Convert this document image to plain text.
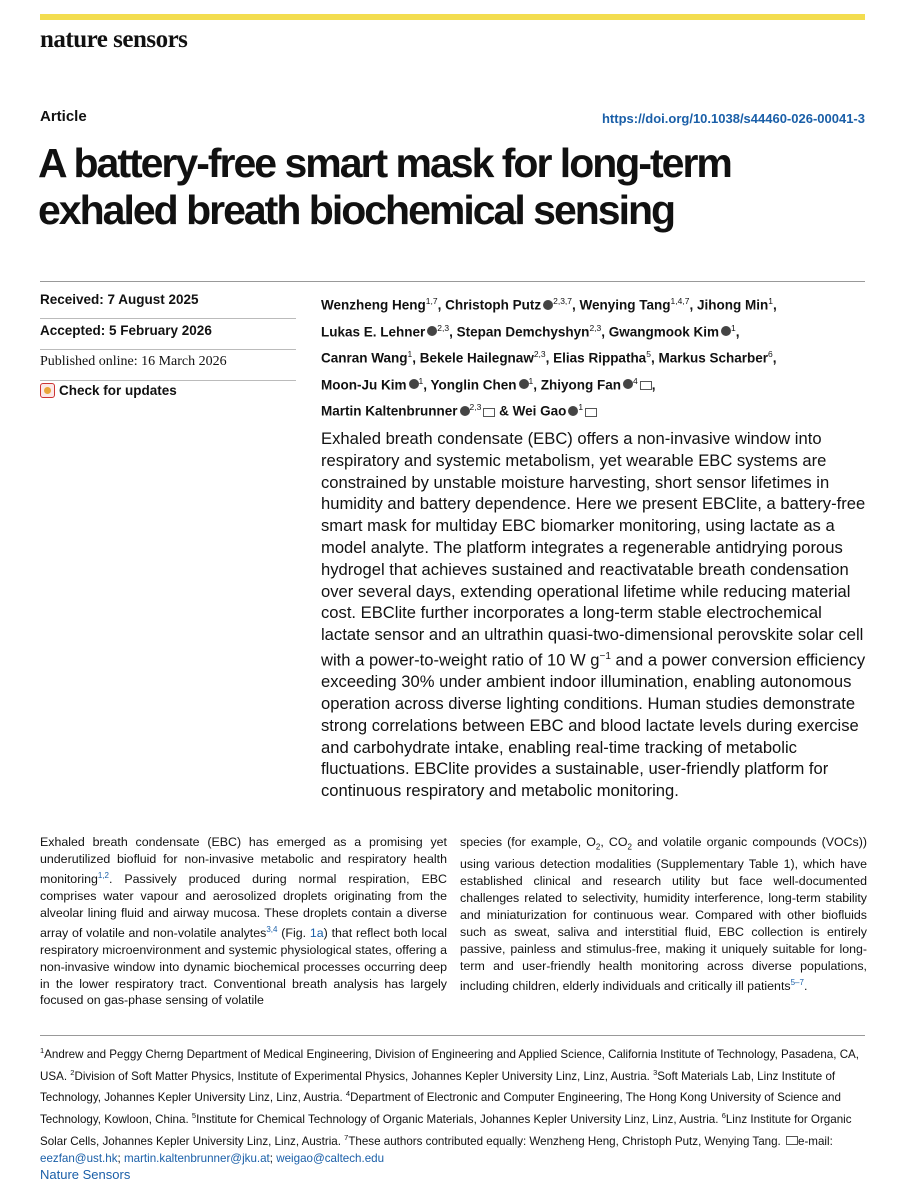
nature sensors
Article	https://doi.org/10.1038/s44460-026-00041-3
A battery-free smart mask for long-term
exhaled breath biochemical sensing
Received: 7 August 2025
Accepted: 5 February 2026
Published online: 16 March 2026
Check for updates
Wenzheng Heng$^{1,7}$, Christoph Putz $^{2,3,7}$, Wenying Tang$^{1,4,7}$, Jihong Min$^1$,
Lukas E. Lehner $^{2,3}$, Stepan Demchyshyn$^{2,3}$, Gwangmook Kim $^1$,
Canran Wang$^1$, Bekele Hailegnaw$^{2,3}$, Elias Rippatha$^5$, Markus Scharber$^6$,
Moon-Ju Kim $^1$, Yonglin Chen $^1$, Zhiyong Fan $^4$ ,
Martin Kaltenbrunner $^{2,3}$ & Wei Gao $^1$
Exhaled breath condensate (EBC) offers a non-invasive window into respiratory and systemic metabolism, yet wearable EBC systems are constrained by unstable moisture harvesting, short sensor lifetimes in humidity and battery dependence. Here we present EBClite, a battery-free smart mask for multiday EBC biomarker monitoring, using lactate as a model analyte. The platform integrates a regenerable antidrying porous hydrogel that achieves sustained and reactivatable breath condensation over several days, extending operational lifetime while reducing material cost. EBClite further incorporates a long-term stable electrochemical lactate sensor and an ultrathin quasi-two-dimensional perovskite solar cell with a power-to-weight ratio of 10 W $g^{-1}$ and a power conversion efficiency exceeding 30% under ambient indoor illumination, enabling autonomous operation across diverse lighting conditions. Human studies demonstrate strong correlations between EBC and blood lactate levels during exercise and carbohydrate intake, enabling real-time tracking of metabolic fluctuations. EBClite provides a sustainable, user-friendly platform for continuous respiratory and metabolic monitoring.
Exhaled breath condensate (EBC) has emerged as a promising yet underutilized biofluid for non-invasive metabolic and respiratory health monitoring$^{1,2}$. Passively produced during normal respiration, EBC comprises water vapour and aerosolized droplets originating from the alveolar lining fluid and airway mucosa. These droplets contain a diverse array of volatile and non-volatile analytes$^{3,4}$ (Fig. 1a) that reflect both local respiratory microenvironment and systemic physiological states, offering a non-invasive window into dynamic biochemical processes occurring deep in the lower respiratory tract. Conventional breath analysis has largely focused on gas-phase sensing of volatile
species (for example, $O_2$, $CO_2$ and volatile organic compounds (VOCs)) using various detection modalities (Supplementary Table 1), which have established clinical and research utility but face well-documented challenges related to selectivity, humidity interference, long-term stability and miniaturization for continuous wear. Compared with other biofluids such as sweat, saliva and interstitial fluid, EBC collection is entirely passive, painless and stimulus-free, making it uniquely suitable for long-term and user-friendly health monitoring across diverse populations, including children, elderly individuals and critically ill patients$^{5-7}$.
$^1$Andrew and Peggy Cherng Department of Medical Engineering, Division of Engineering and Applied Science, California Institute of Technology, Pasadena, CA, USA. $^2$Division of Soft Matter Physics, Institute of Experimental Physics, Johannes Kepler University Linz, Linz, Austria. $^3$Soft Materials Lab, Linz Institute of Technology, Johannes Kepler University Linz, Linz, Austria. $^4$Department of Electronic and Computer Engineering, The Hong Kong University of Science and Technology, Kowloon, China. $^5$Institute for Chemical Technology of Organic Materials, Johannes Kepler University Linz, Linz, Austria. $^6$Linz Institute for Organic Solar Cells, Johannes Kepler University Linz, Linz, Austria. $^7$These authors contributed equally: Wenzheng Heng, Christoph Putz, Wenying Tang. e-mail: eezfan@ust.hk; martin.kaltenbrunner@jku.at; weigao@caltech.edu
Nature Sensors
